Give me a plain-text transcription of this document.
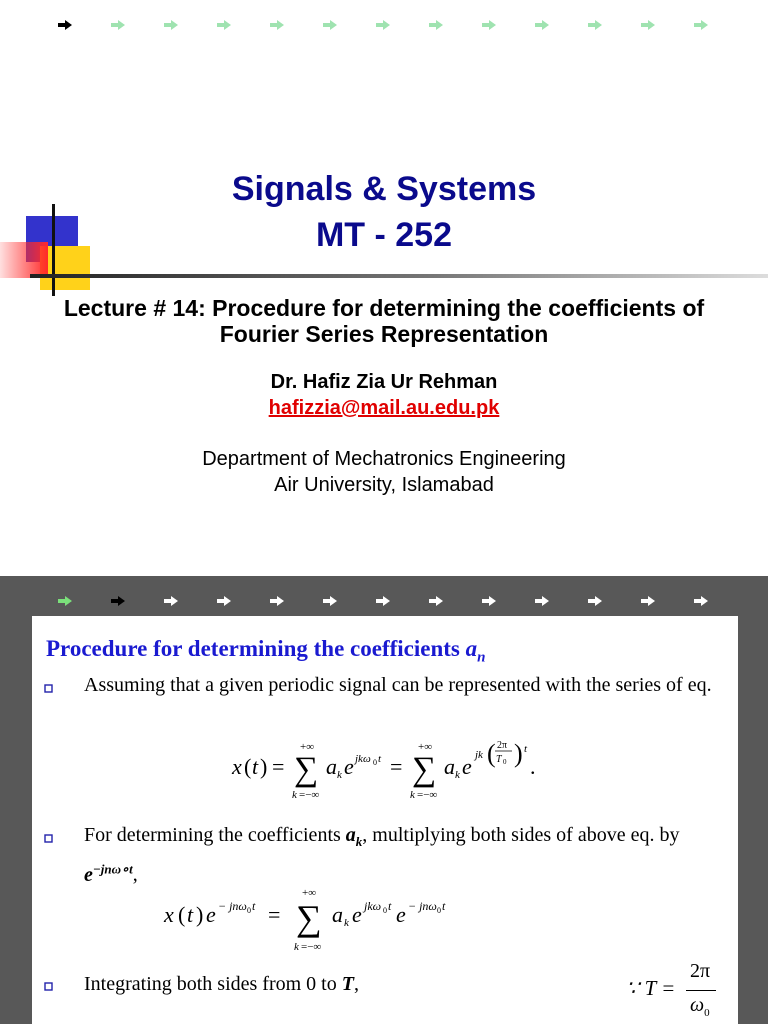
Signals & Systems
MT - 252
Lecture # 14: Procedure for determining the coefficients of
Fourier Series Representation
Dr. Hafiz Zia Ur Rehman
hafizzia@mail.au.edu.pk
Department of Mechatronics Engineering
Air University, Islamabad
Procedure for determining the coefficients $a_n$
Assuming that a given periodic signal can be represented with the series of eq.
x ( t ) =
+∞
∑
k =−∞
a k e jkω 0 t =
+∞
∑
k =−∞
a k e jk ( 2π
T 0 ) t
.
For determining the coefficients $a_k$, multiplying both sides of above eq. by $e^{-jn\omega\circ t}$,
x ( t ) e − jnω 0 t =
+∞
∑
k =−∞
a k e jkω 0 t e − jnω 0 t
Integrating both sides from 0 to T,	∵ T =
2π
$\omega_0$
